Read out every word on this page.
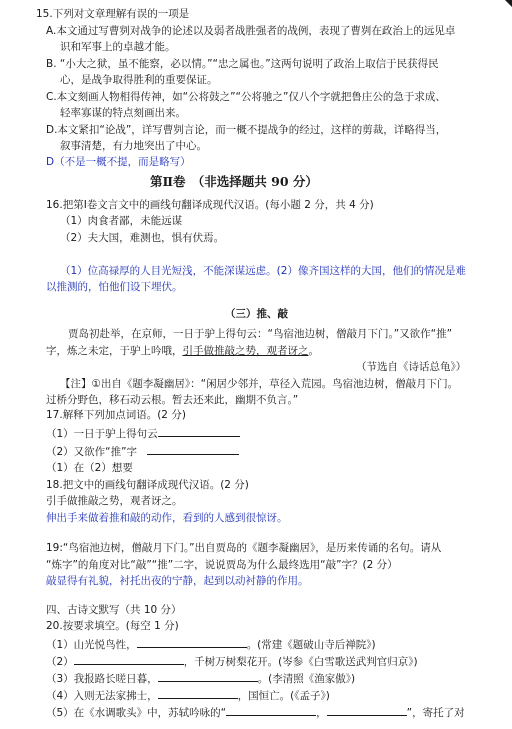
15.下列对文章理解有误的一项是
A.本文通过写曹刿对战争的论述以及弱者战胜强者的战例，表现了曹刿在政治上的远见卓
识和军事上的卓越才能。
B. “小大之狱，虽不能察，必以情。”“忠之属也。”这两句说明了政治上取信于民获得民
心，是战争取得胜利的重要保证。
C.本文刻画人物相得传神，如“公将鼓之”“公将驰之”仅八个字就把鲁庄公的急于求成、
轻率寡谋的特点刻画出来。
D.本文紧扣“论战”，详写曹刿言论，而一概不提战争的经过，这样的剪裁，详略得当，
叙事清楚，有力地突出了中心。
D（不是一概不提，而是略写）
第Ⅱ卷　（非选择题共 90 分）
16.把第Ⅰ卷文言文中的画线句翻译成现代汉语。(每小题 2 分，共 4 分)
（1）肉食者鄙，未能远谋
（2）夫大国，难测也，惧有伏焉。
（1）位高禄厚的人目光短浅，不能深谋远虑。(2）像齐国这样的大国，他们的情况是难
以推测的，怕他们设下埋伏。
（三）推、敲
贾岛初赴举，在京师，一日于驴上得句云：“鸟宿池边树，僧敲月下门。”又欲作“推”
字，炼之未定，于驴上吟哦，引手做推敲之势，观者讶之。
（节选自《诗话总龟》）
【注】①出自《题李凝幽居》：“闲居少邻并，草径入荒园。鸟宿池边树，僧敲月下门。
过桥分野色，移石动云根。暂去还来此，幽期不负言。”
17.解释下列加点词语。(2 分)
（1）一日于驴上得句云
（2）又欲作“推”字
（1）在（2）想要
18.把文中的画线句翻译成现代汉语。(2 分)
引手做推敲之势，观者讶之。
伸出手来做着推和敲的动作，看到的人感到很惊讶。
19:“鸟宿池边树，僧敲月下门。”出自贾岛的《题李凝幽居》，是历来传诵的名句。请从
“炼字”的角度对比“敲”“推”二字，说说贾岛为什么最终选用“敲”字？(2 分）
敲显得有礼貌，衬托出夜的宁静，起到以动衬静的作用。
四、古诗文默写（共 10 分）
20.按要求填空。(每空 1 分)
（1）山光悦鸟性，	。(常建《题破山寺后禅院》)
（2）	，千树万树梨花开。(岑参《白雪歌送武判官归京》)
（3）我报路长嗟日暮，	。(李清照《渔家傲》)
（4）入则无法家拂士，	，国恒亡。(《孟子》)
（5）在《水调歌头》中，苏轼吟咏的“	，	”，寄托了对
